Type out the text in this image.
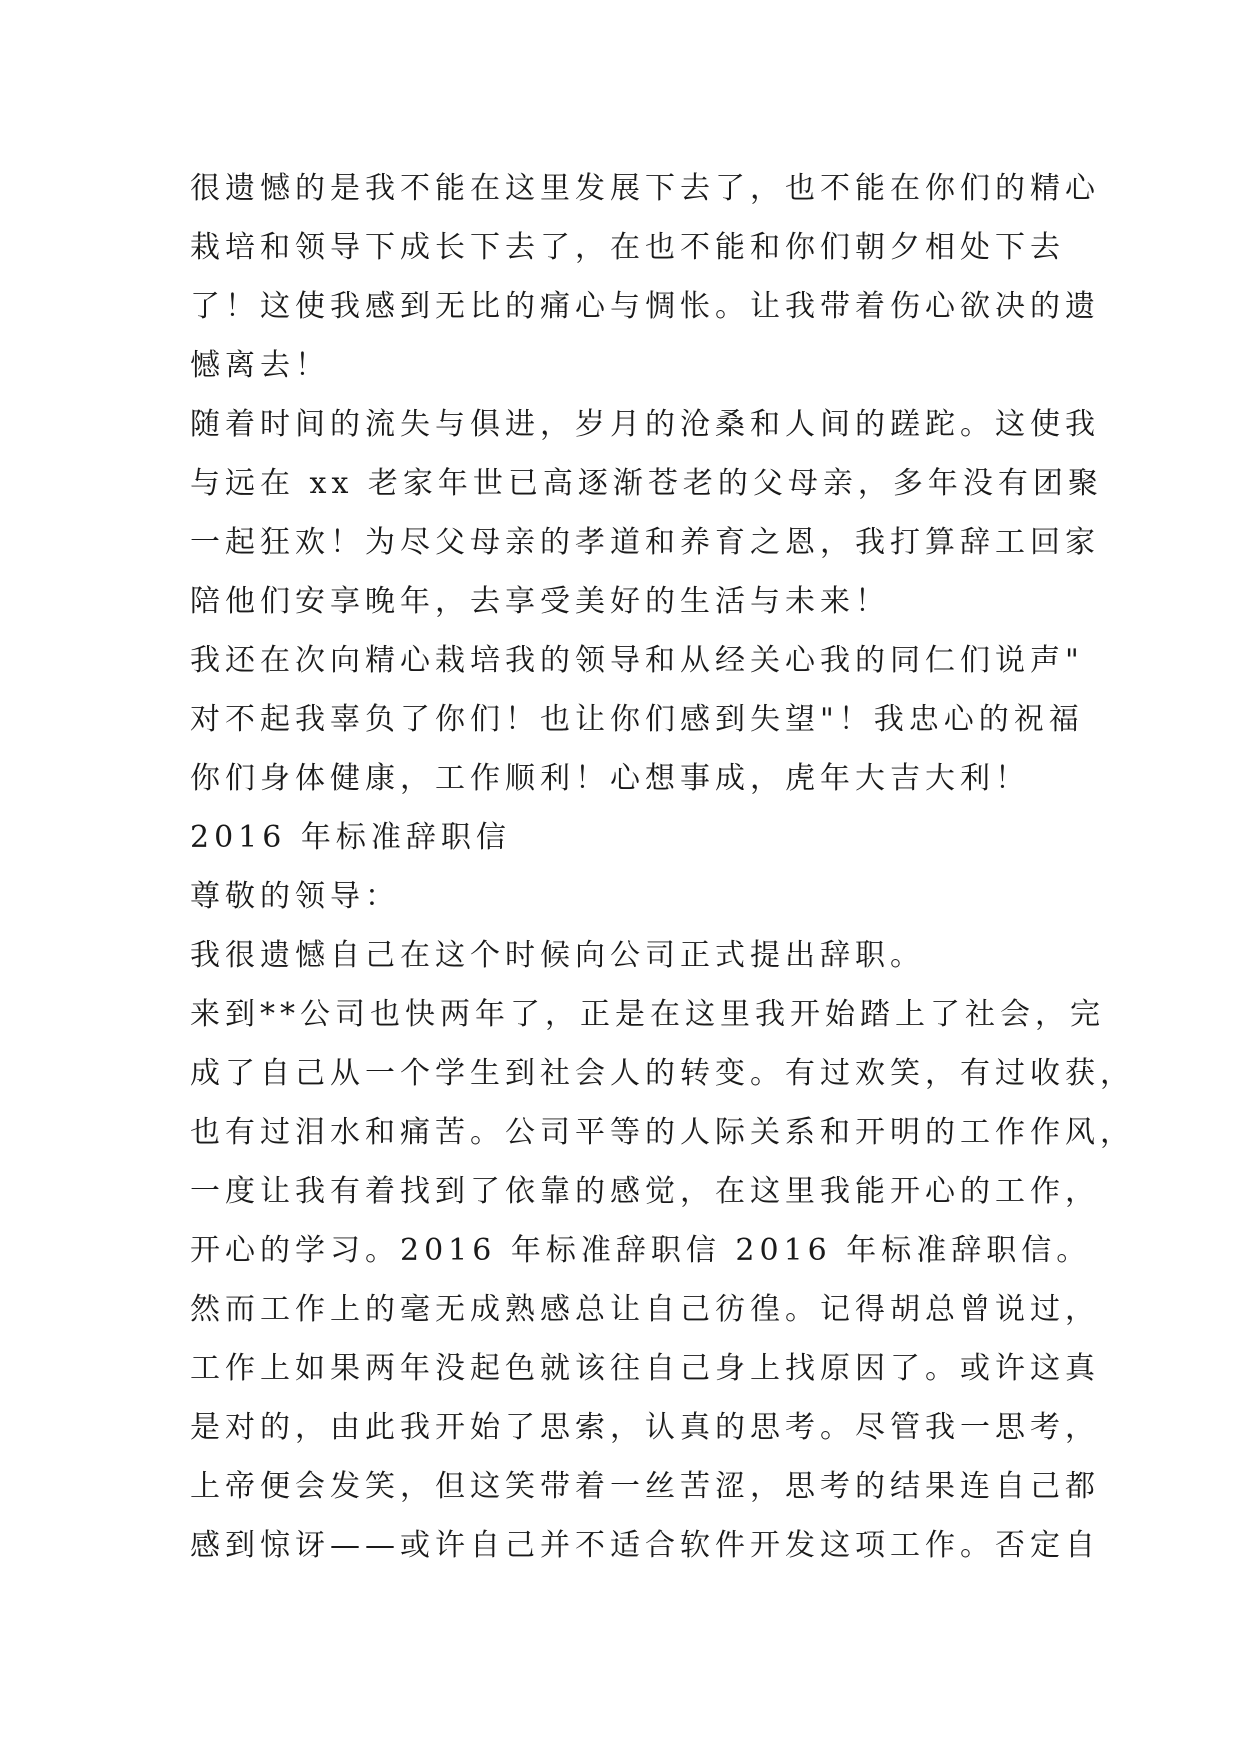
很遗憾的是我不能在这里发展下去了，也不能在你们的精心
栽培和领导下成长下去了，在也不能和你们朝夕相处下去
了！这使我感到无比的痛心与惆怅。让我带着伤心欲决的遗
憾离去！
随着时间的流失与俱进，岁月的沧桑和人间的蹉跎。这使我
与远在 xx 老家年世已高逐渐苍老的父母亲，多年没有团聚
一起狂欢！为尽父母亲的孝道和养育之恩，我打算辞工回家
陪他们安享晚年，去享受美好的生活与未来！
我还在次向精心栽培我的领导和从经关心我的同仁们说声"
对不起我辜负了你们！也让你们感到失望"！我忠心的祝福
你们身体健康，工作顺利！心想事成，虎年大吉大利！
2016 年标准辞职信
尊敬的领导：
我很遗憾自己在这个时候向公司正式提出辞职。
来到**公司也快两年了，正是在这里我开始踏上了社会，完
成了自己从一个学生到社会人的转变。有过欢笑，有过收获，
也有过泪水和痛苦。公司平等的人际关系和开明的工作作风，
一度让我有着找到了依靠的感觉，在这里我能开心的工作，
开心的学习。2016 年标准辞职信 2016 年标准辞职信。
然而工作上的毫无成熟感总让自己彷徨。记得胡总曾说过，
工作上如果两年没起色就该往自己身上找原因了。或许这真
是对的，由此我开始了思索，认真的思考。尽管我一思考，
上帝便会发笑，但这笑带着一丝苦涩，思考的结果连自己都
感到惊讶——或许自己并不适合软件开发这项工作。否定自
